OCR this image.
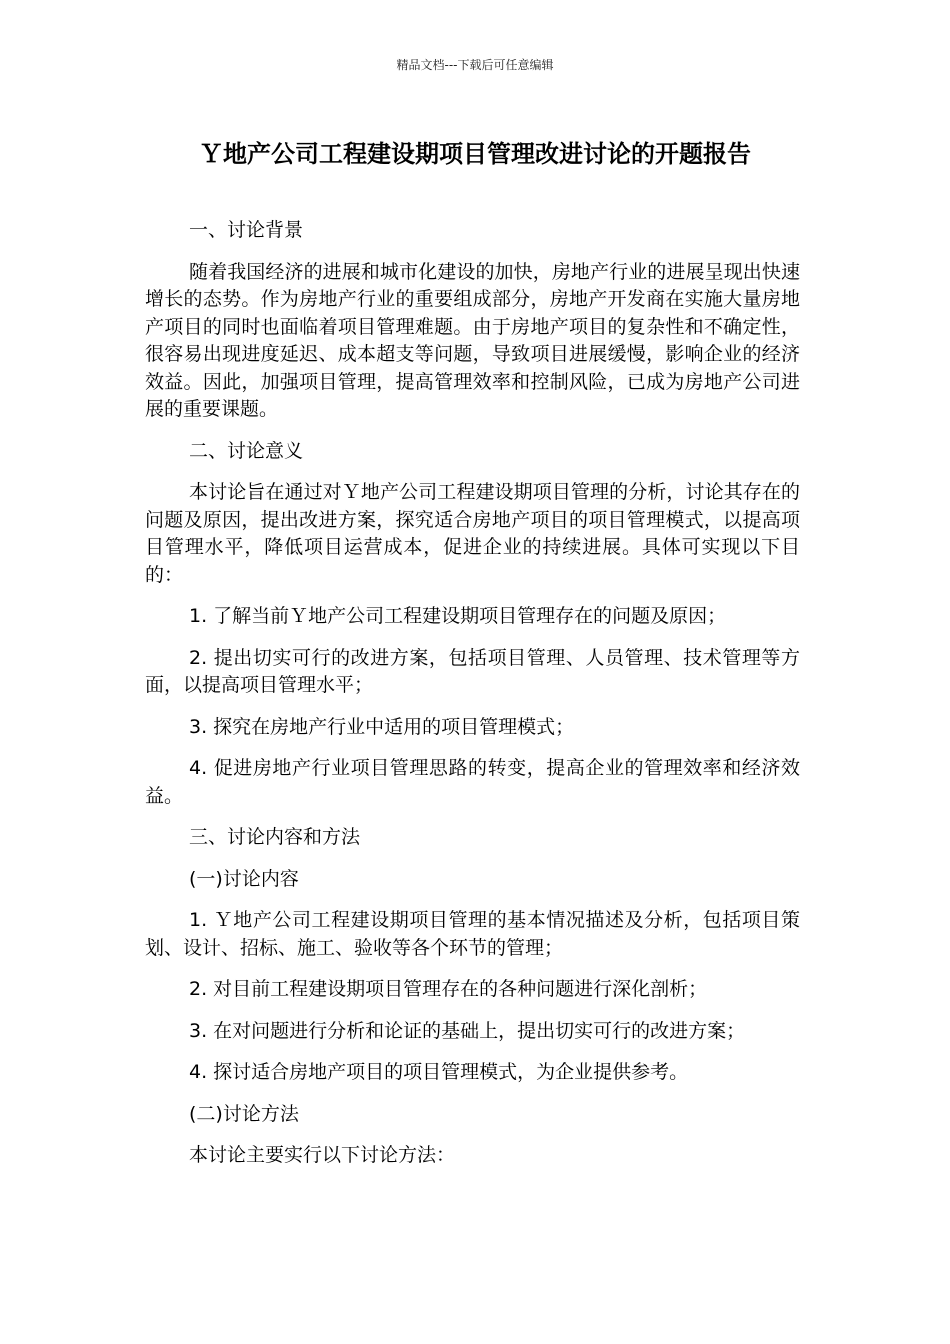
精品文档---下载后可任意编辑
Ｙ地产公司工程建设期项目管理改进讨论的开题报告

一、讨论背景

随着我国经济的进展和城市化建设的加快，房地产行业的进展呈现出快速增长的态势。作为房地产行业的重要组成部分，房地产开发商在实施大量房地产项目的同时也面临着项目管理难题。由于房地产项目的复杂性和不确定性，很容易出现进度延迟、成本超支等问题，导致项目进展缓慢，影响企业的经济效益。因此，加强项目管理，提高管理效率和控制风险，已成为房地产公司进展的重要课题。

二、讨论意义

本讨论旨在通过对Ｙ地产公司工程建设期项目管理的分析，讨论其存在的问题及原因，提出改进方案，探究适合房地产项目的项目管理模式，以提高项目管理水平，降低项目运营成本，促进企业的持续进展。具体可实现以下目的：

1. 了解当前Ｙ地产公司工程建设期项目管理存在的问题及原因；

2. 提出切实可行的改进方案，包括项目管理、人员管理、技术管理等方面，以提高项目管理水平；

3. 探究在房地产行业中适用的项目管理模式；

4. 促进房地产行业项目管理思路的转变，提高企业的管理效率和经济效益。

三、讨论内容和方法

(一)讨论内容

1. Ｙ地产公司工程建设期项目管理的基本情况描述及分析，包括项目策划、设计、招标、施工、验收等各个环节的管理；

2. 对目前工程建设期项目管理存在的各种问题进行深化剖析；

3. 在对问题进行分析和论证的基础上，提出切实可行的改进方案；

4. 探讨适合房地产项目的项目管理模式，为企业提供参考。

(二)讨论方法

本讨论主要实行以下讨论方法：
